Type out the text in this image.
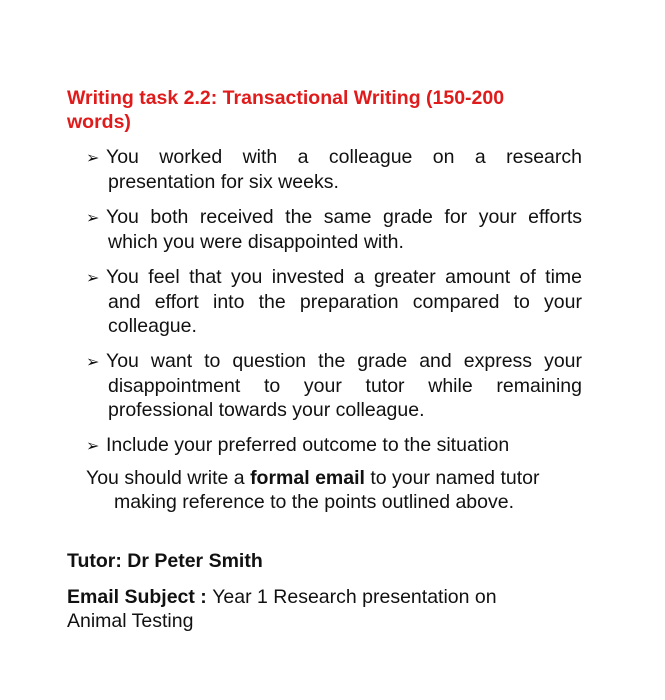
Writing task 2.2: Transactional Writing (150-200 words)
➢ You worked with a colleague on a research presentation for six weeks.
➢ You both received the same grade for your efforts which you were disappointed with.
➢ You feel that you invested a greater amount of time and effort into the preparation compared to your colleague.
➢ You want to question the grade and express your disappointment to your tutor while remaining professional towards your colleague.
➢ Include your preferred outcome to the situation
You should write a formal email to your named tutor making reference to the points outlined above.
Tutor: Dr Peter Smith
Email Subject : Year 1 Research presentation on Animal Testing
